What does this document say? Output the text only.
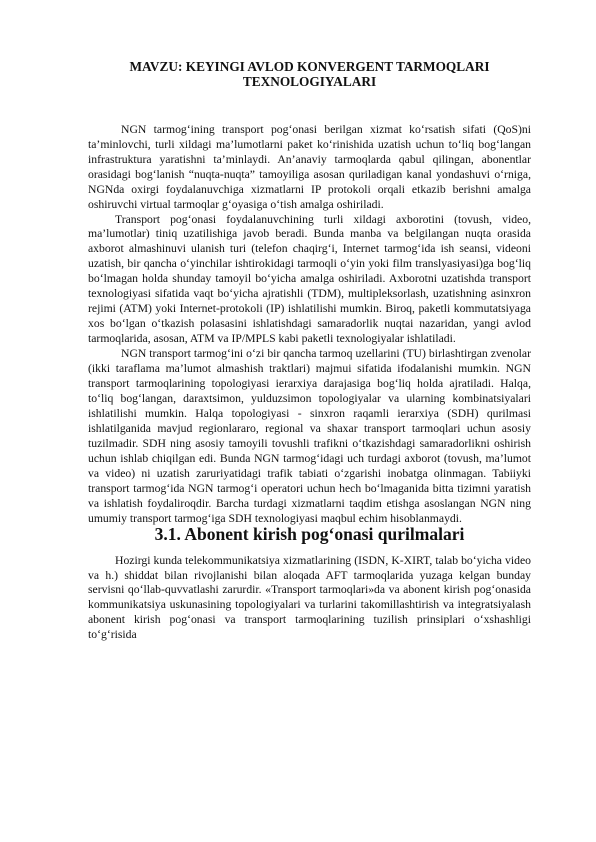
MAVZU: KEYINGI AVLOD KONVERGENT TARMOQLARI TEXNOLOGIYALARI

NGN tarmog‘ining transport pog‘onasi berilgan xizmat ko‘rsatish sifati (QoS)ni ta’minlovchi, turli xildagi ma’lumotlarni paket ko‘rinishida uzatish uchun to‘liq bog‘langan infrastruktura yaratishni ta’minlaydi. An’anaviy tarmoqlarda qabul qilingan, abonentlar orasidagi bog‘lanish “nuqta-nuqta” tamoyiliga asosan quriladigan kanal yondashuvi o‘rniga, NGNda oxirgi foydalanuvchiga xizmatlarni IP protokoli orqali etkazib berishni amalga oshiruvchi virtual tarmoqlar g‘oyasiga o‘tish amalga oshiriladi.

Transport pog‘onasi foydalanuvchining turli xildagi axborotini (tovush, video, ma’lumotlar) tiniq uzatilishiga javob beradi. Bunda manba va belgilangan nuqta orasida axborot almashinuvi ulanish turi (telefon chaqirg‘i, Internet tarmog‘ida ish seansi, videoni uzatish, bir qancha o‘yinchilar ishtirokidagi tarmoqli o‘yin yoki film translyasiyasi)ga bog‘liq bo‘lmagan holda shunday tamoyil bo‘yicha amalga oshiriladi. Axborotni uzatishda transport texnologiyasi sifatida vaqt bo‘yicha ajratishli (TDM), multipleksorlash, uzatishning asinxron rejimi (ATM) yoki Internet-protokoli (IP) ishlatilishi mumkin. Biroq, paketli kommutatsiyaga xos bo‘lgan o‘tkazish polasasini ishlatishdagi samaradorlik nuqtai nazaridan, yangi avlod tarmoqlarida, asosan, ATM va IP/MPLS kabi paketli texnologiyalar ishlatiladi.

NGN transport tarmog‘ini o‘zi bir qancha tarmoq uzellarini (TU) birlashtirgan zvenolar (ikki taraflama ma’lumot almashish traktlari) majmui sifatida ifodalanishi mumkin. NGN transport tarmoqlarining topologiyasi ierarxiya darajasiga bog‘liq holda ajratiladi. Halqa, to‘liq bog‘langan, daraxtsimon, yulduzsimon topologiyalar va ularning kombinatsiyalari ishlatilishi mumkin. Halqa topologiyasi - sinxron raqamli ierarxiya (SDH) qurilmasi ishlatilganida mavjud regionlararo, regional va shaxar transport tarmoqlari uchun asosiy tuzilmadir. SDH ning asosiy tamoyili tovushli trafikni o‘tkazishdagi samaradorlikni oshirish uchun ishlab chiqilgan edi. Bunda NGN tarmog‘idagi uch turdagi axborot (tovush, ma’lumot va video) ni uzatish zaruriyatidagi trafik tabiati o‘zgarishi inobatga olinmagan. Tabiiyki transport tarmog‘ida NGN tarmog‘i operatori uchun hech bo‘lmaganida bitta tizimni yaratish va ishlatish foydaliroqdir. Barcha turdagi xizmatlarni taqdim etishga asoslangan NGN ning umumiy transport tarmog‘iga SDH texnologiyasi maqbul echim hisoblanmaydi.

3.1. Abonent kirish pog‘onasi qurilmalari

Hozirgi kunda telekommunikatsiya xizmatlarining (ISDN, K-XIRT, talab bo‘yicha video va h.) shiddat bilan rivojlanishi bilan aloqada AFT tarmoqlarida yuzaga kelgan bunday servisni qo‘llab-quvvatlashi zarurdir. «Transport tarmoqlari»da va abonent kirish pog‘onasida kommunikatsiya uskunasining topologiyalari va turlarini takomillashtirish va integratsiyalash abonent kirish pog‘onasi va transport tarmoqlarining tuzilish prinsiplari o‘xshashligi to‘g‘risida
